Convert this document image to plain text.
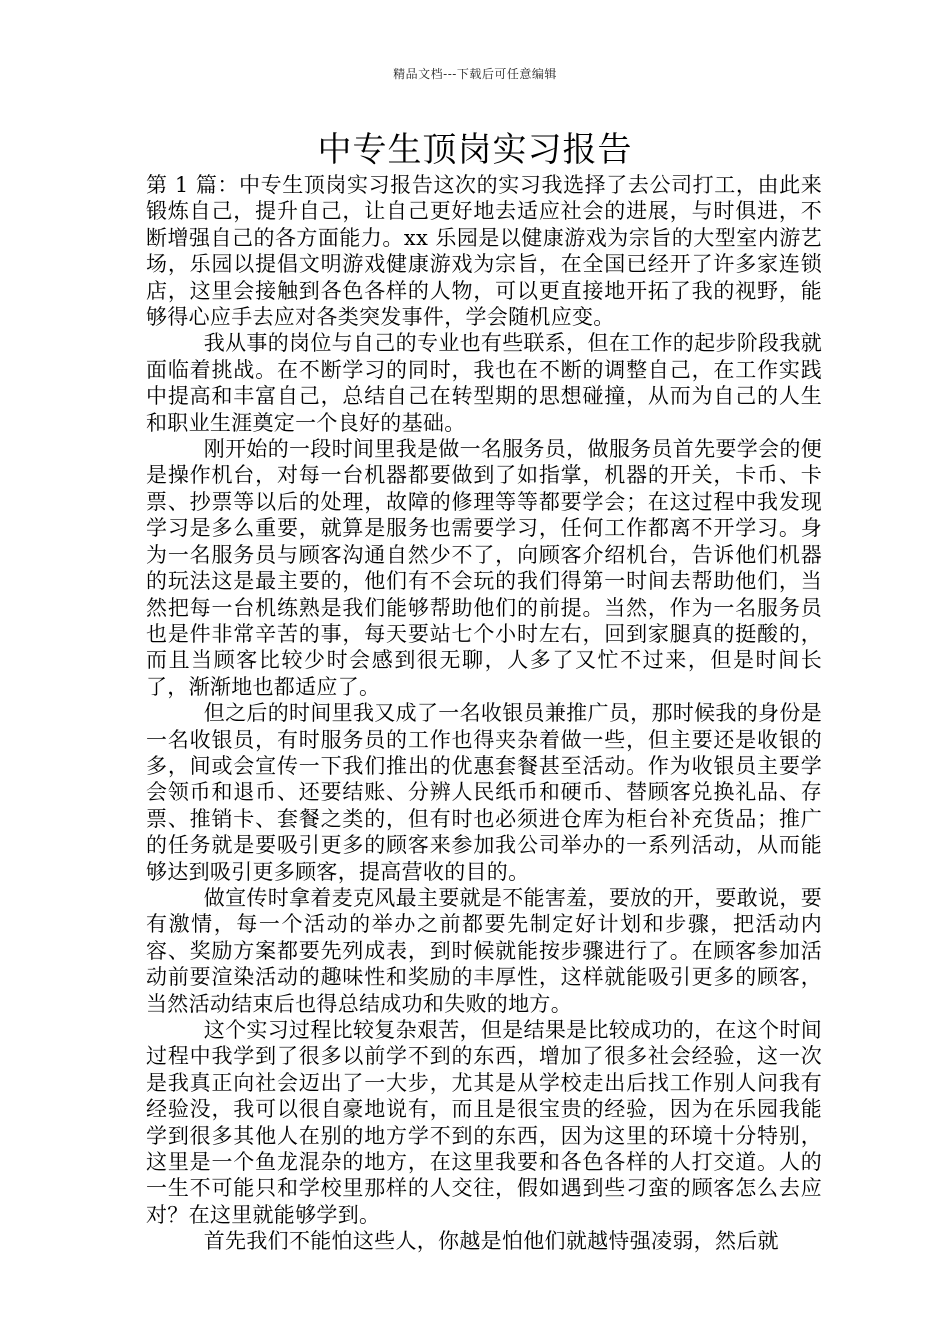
精品文档---下载后可任意编辑
中专生顶岗实习报告

第 1 篇：中专生顶岗实习报告这次的实习我选择了去公司打工，由此来锻炼自己，提升自己，让自己更好地去适应社会的进展，与时俱进，不断增强自己的各方面能力。xx 乐园是以健康游戏为宗旨的大型室内游艺场，乐园以提倡文明游戏健康游戏为宗旨，在全国已经开了许多家连锁店，这里会接触到各色各样的人物，可以更直接地开拓了我的视野，能够得心应手去应对各类突发事件，学会随机应变。

我从事的岗位与自己的专业也有些联系，但在工作的起步阶段我就面临着挑战。在不断学习的同时，我也在不断的调整自己，在工作实践中提高和丰富自己，总结自己在转型期的思想碰撞，从而为自己的人生和职业生涯奠定一个良好的基础。

刚开始的一段时间里我是做一名服务员，做服务员首先要学会的便是操作机台，对每一台机器都要做到了如指掌，机器的开关，卡币、卡票、抄票等以后的处理，故障的修理等等都要学会；在这过程中我发现学习是多么重要，就算是服务也需要学习，任何工作都离不开学习。身为一名服务员与顾客沟通自然少不了，向顾客介绍机台，告诉他们机器的玩法这是最主要的，他们有不会玩的我们得第一时间去帮助他们，当然把每一台机练熟是我们能够帮助他们的前提。当然，作为一名服务员也是件非常辛苦的事，每天要站七个小时左右，回到家腿真的挺酸的，而且当顾客比较少时会感到很无聊，人多了又忙不过来，但是时间长了，渐渐地也都适应了。

但之后的时间里我又成了一名收银员兼推广员，那时候我的身份是一名收银员，有时服务员的工作也得夹杂着做一些，但主要还是收银的多，间或会宣传一下我们推出的优惠套餐甚至活动。作为收银员主要学会领币和退币、还要结账、分辨人民纸币和硬币、替顾客兑换礼品、存票、推销卡、套餐之类的，但有时也必须进仓库为柜台补充货品；推广的任务就是要吸引更多的顾客来参加我公司举办的一系列活动，从而能够达到吸引更多顾客，提高营收的目的。

做宣传时拿着麦克风最主要就是不能害羞，要放的开，要敢说，要有激情，每一个活动的举办之前都要先制定好计划和步骤，把活动内容、奖励方案都要先列成表，到时候就能按步骤进行了。在顾客参加活动前要渲染活动的趣味性和奖励的丰厚性，这样就能吸引更多的顾客，当然活动结束后也得总结成功和失败的地方。

这个实习过程比较复杂艰苦，但是结果是比较成功的，在这个时间过程中我学到了很多以前学不到的东西，增加了很多社会经验，这一次是我真正向社会迈出了一大步，尤其是从学校走出后找工作别人问我有经验没，我可以很自豪地说有，而且是很宝贵的经验，因为在乐园我能学到很多其他人在别的地方学不到的东西，因为这里的环境十分特别，这里是一个鱼龙混杂的地方，在这里我要和各色各样的人打交道。人的一生不可能只和学校里那样的人交往，假如遇到些刁蛮的顾客怎么去应对？在这里就能够学到。

首先我们不能怕这些人，你越是怕他们就越恃强凌弱，然后就
